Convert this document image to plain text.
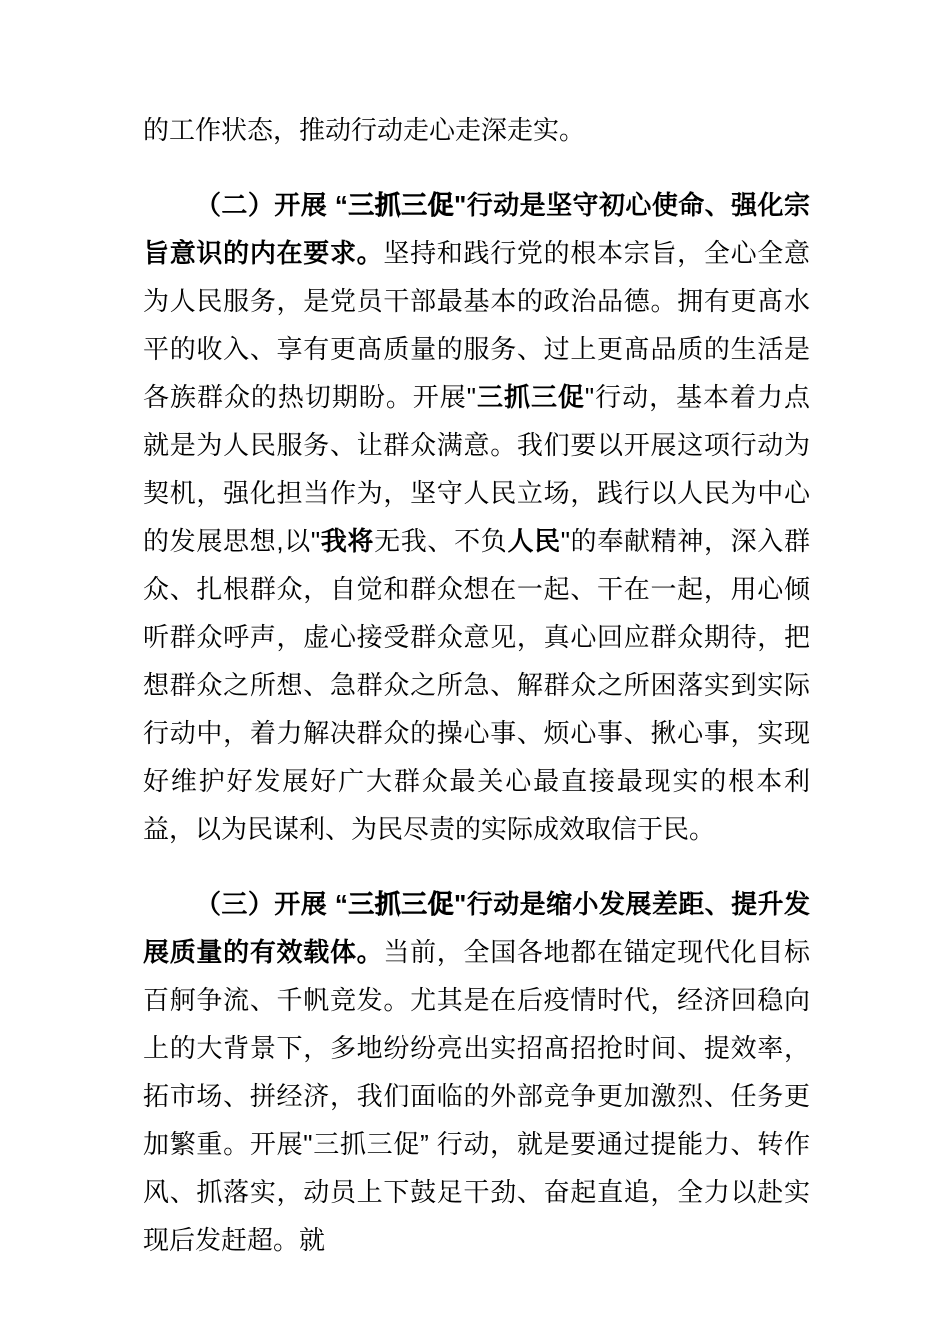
的工作状态，推动行动走心走深走实。

（二）开展 “三抓三促"行动是坚守初心使命、强化宗旨意识的内在要求。坚持和践行党的根本宗旨，全心全意为人民服务，是党员干部最基本的政治品德。拥有更髙水平的收入、享有更髙质量的服务、过上更髙品质的生活是各族群众的热切期盼。开展"三抓三促"行动，基本着力点就是为人民服务、让群众满意。我们要以开展这项行动为契机，强化担当作为，坚守人民立场，践行以人民为中心的发展思想,以"我将无我、不负人民"的奉献精神，深入群众、扎根群众，自觉和群众想在一起、干在一起，用心倾听群众呼声，虚心接受群众意见，真心回应群众期待，把想群众之所想、急群众之所急、解群众之所困落实到实际行动中，着力解决群众的操心事、烦心事、揪心事，实现好维护好发展好广大群众最关心最直接最现实的根本利益，以为民谋利、为民尽责的实际成效取信于民。

（三）开展 “三抓三促"行动是缩小发展差距、提升发展质量的有效载体。当前，全国各地都在锚定现代化目标百舸争流、千帆竞发。尤其是在后疫情时代，经济回稳向上的大背景下，多地纷纷亮出实招髙招抢时间、提效率，拓市场、拼经济，我们面临的外部竞争更加激烈、任务更加繁重。开展"三抓三促” 行动，就是要通过提能力、转作风、抓落实，动员上下鼓足干劲、奋起直追，全力以赴实现后发赶超。就
